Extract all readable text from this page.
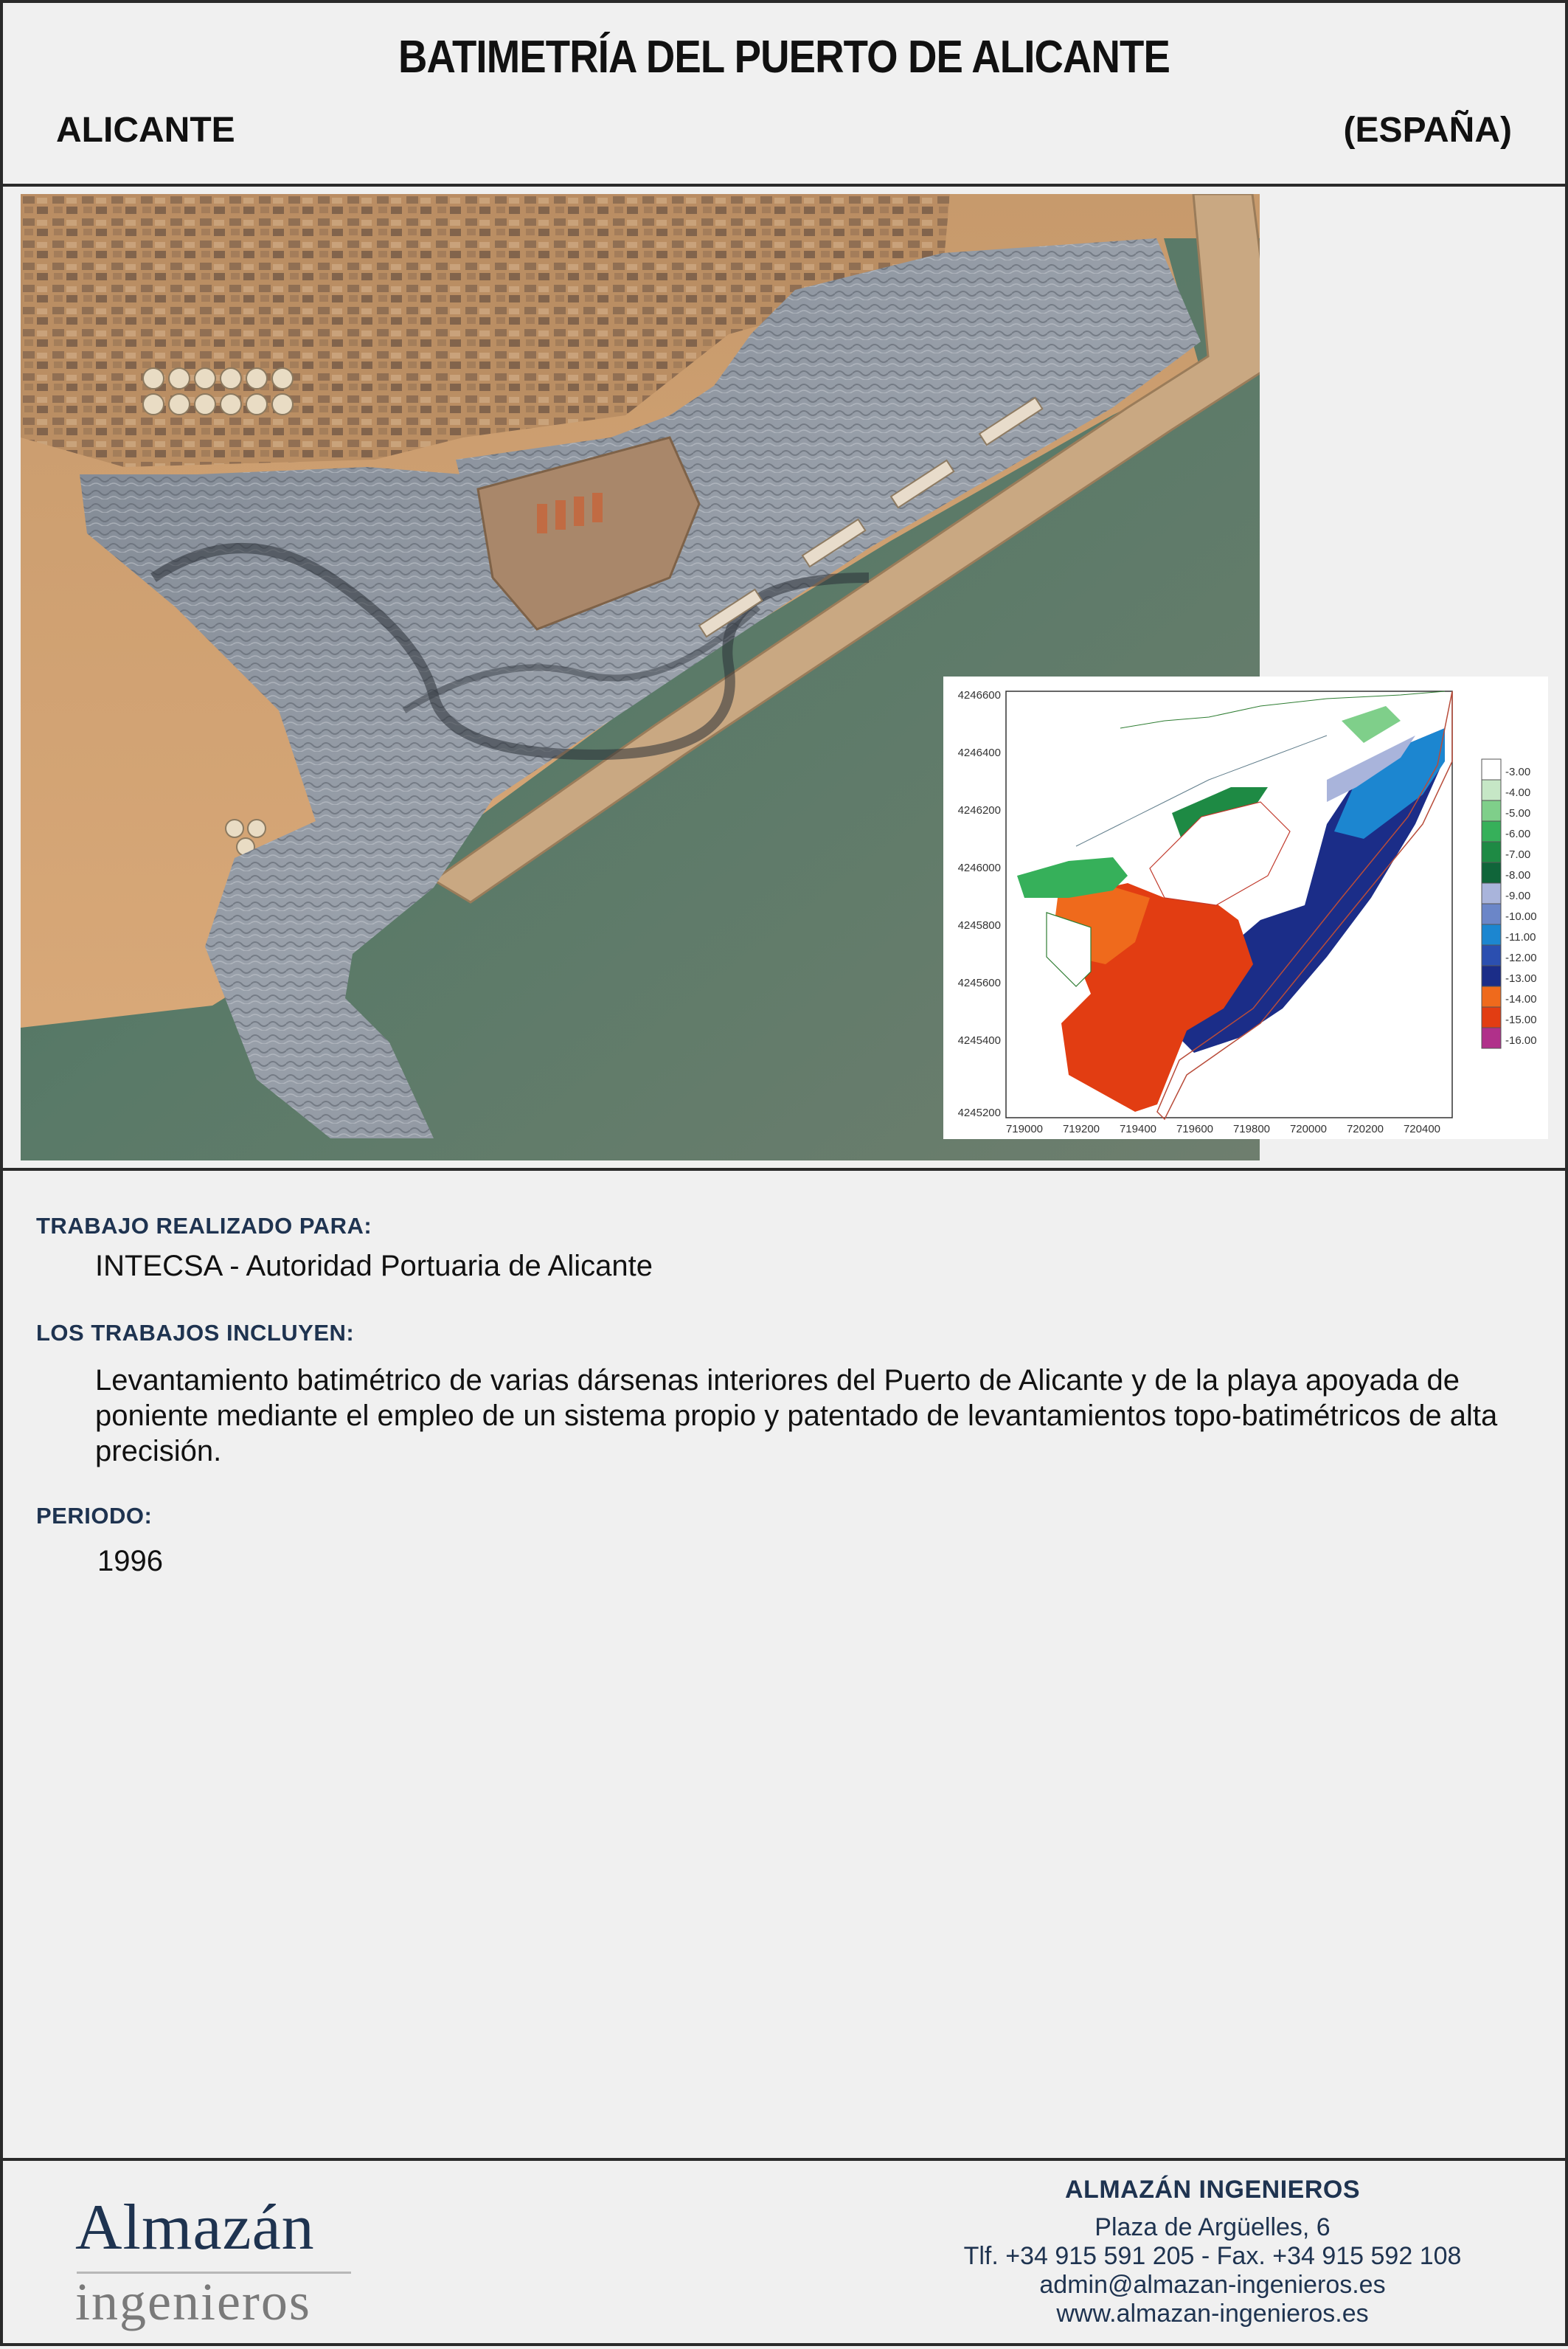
BATIMETRÍA DEL PUERTO DE ALICANTE
ALICANTE	(ESPAÑA)
4246600
4246400
4246200
4246000
4245800
4245600
4245400
4245200
719000 719200 719400 719600 719800 720000 720200 720400
-3.00
-4.00
-5.00
-6.00
-7.00
-8.00
-9.00
-10.00
-11.00
-12.00
-13.00
-14.00
-15.00
-16.00
TRABAJO REALIZADO PARA:
INTECSA - Autoridad Portuaria de Alicante
LOS TRABAJOS INCLUYEN:
Levantamiento batimétrico de varias dársenas interiores del Puerto de Alicante y de la playa apoyada de poniente mediante el empleo de un sistema propio y patentado de levantamientos topo-batimétricos de alta precisión.
PERIODO:
1996
Almazán
ingenieros
ALMAZÁN INGENIEROS
Plaza de Argüelles, 6
Tlf. +34 915 591 205 - Fax. +34 915 592 108
admin@almazan-ingenieros.es
www.almazan-ingenieros.es
